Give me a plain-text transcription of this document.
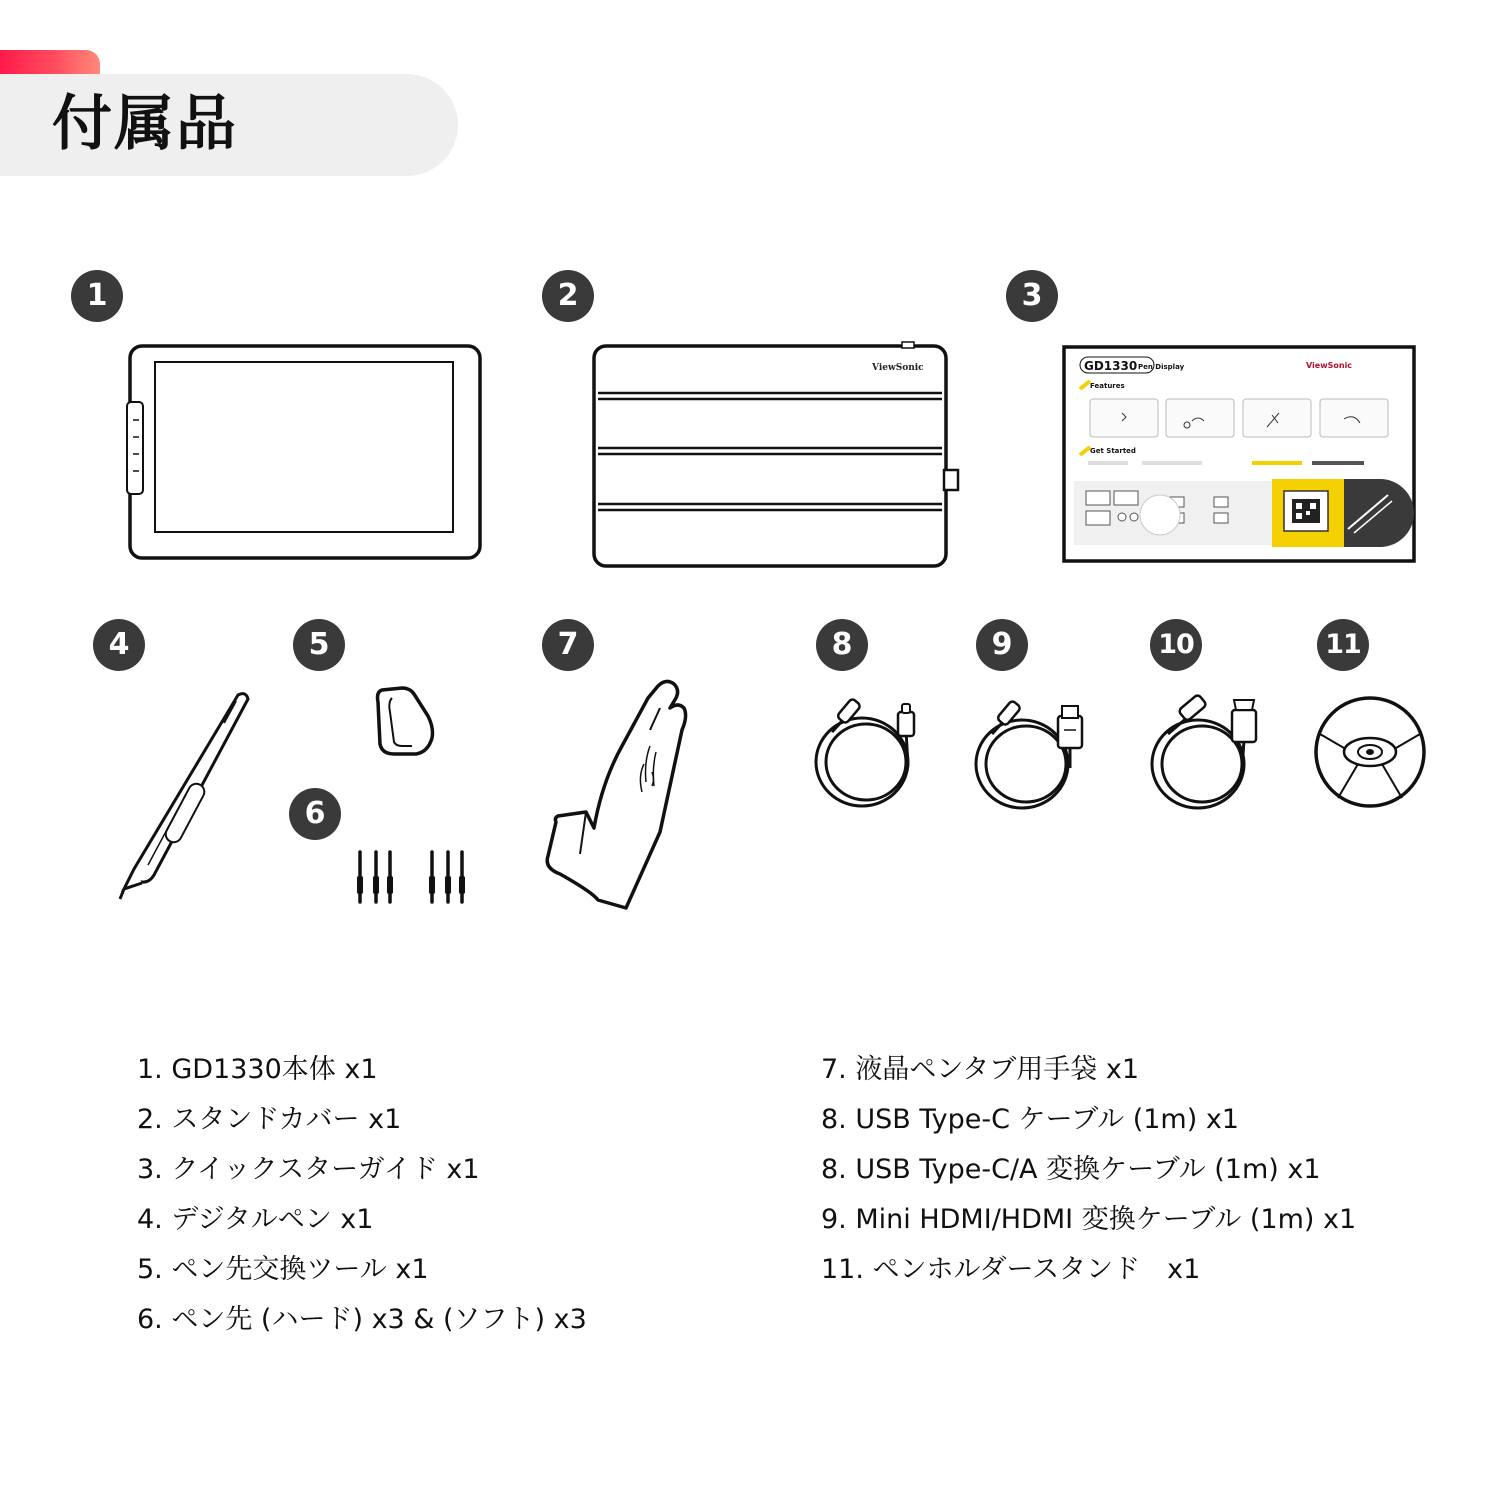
付属品
1	2	3
4	5
6
7	8	9	10	11
ViewSonic	GD1330 Pen Display	ViewSonic
Features
Get Started
1. GD1330本体 x1
2. スタンドカバー x1
3. クイックスターガイド x1
4. デジタルペン x1
5. ペン先交換ツール x1
6. ペン先 (ハード) x3 & (ソフト) x3
7. 液晶ペンタブ用手袋 x1
8. USB Type-C ケーブル (1m) x1
8. USB Type-C/A 変換ケーブル (1m) x1
9. Mini HDMI/HDMI 変換ケーブル (1m) x1
11. ペンホルダースタンド　x1
